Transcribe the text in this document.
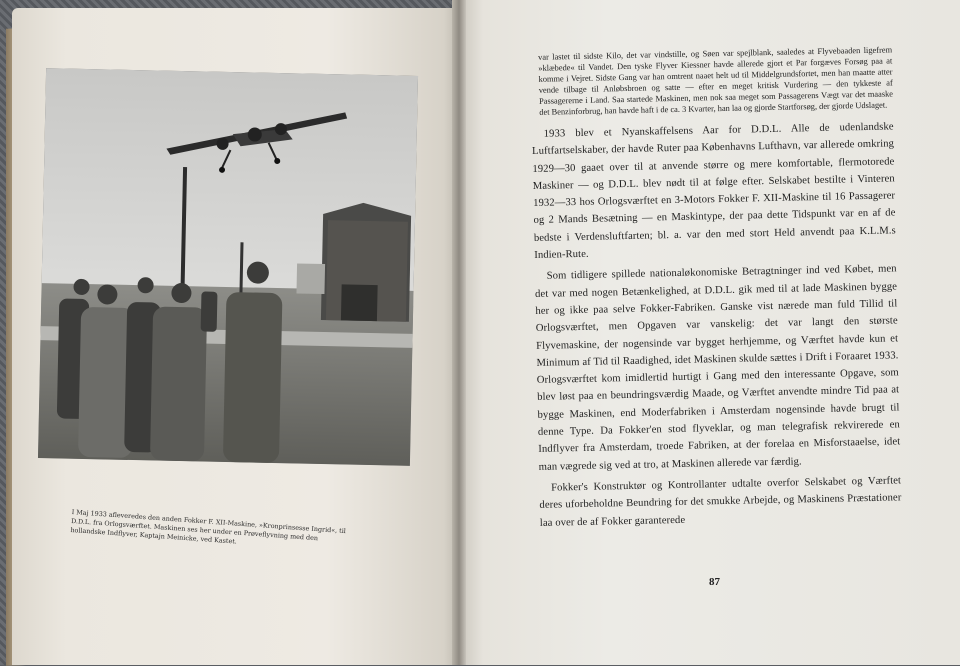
I Maj 1933 afleveredes den anden Fokker F. XII-Maskine, »Kronprinsesse Ingrid«, til D.D.L. fra Orlogsværftet. Maskinen ses her under en Prøveflyvning med den hollandske Indflyver, Kaptajn Meinicke, ved Kastet.

var lastet til sidste Kilo, det var vindstille, og Søen var spejlblank, saaledes at Flyvebaaden ligefrem »klæbede« til Vandet. Den tyske Flyver Kiessner havde allerede gjort et Par forgæves Forsøg paa at komme i Vejret. Sidste Gang var han omtrent naaet helt ud til Middelgrundsfortet, men han maatte atter vende tilbage til Anløbsbroen og satte — efter en meget kritisk Vurdering — den tykkeste af Passagererne i Land. Saa startede Maskinen, men nok saa meget som Passagerens Vægt var det maaske det Benzinforbrug, han havde haft i de ca. 3 Kvarter, han laa og gjorde Startforsøg, der gjorde Udslaget.

1933 blev et Nyanskaffelsens Aar for D.D.L. Alle de udenlandske Luftfartselskaber, der havde Ruter paa Københavns Lufthavn, var allerede omkring 1929—30 gaaet over til at anvende større og mere komfortable, flermotorede Maskiner — og D.D.L. blev nødt til at følge efter. Selskabet bestilte i Vinteren 1932—33 hos Orlogsværftet en 3-Motors Fokker F. XII-Maskine til 16 Passagerer og 2 Mands Besætning — en Maskintype, der paa dette Tidspunkt var en af de bedste i Verdensluftfarten; bl. a. var den med stort Held anvendt paa K.L.M.s Indien-Rute.

Som tidligere spillede nationaløkonomiske Betragtninger ind ved Købet, men det var med nogen Betænkelighed, at D.D.L. gik med til at lade Maskinen bygge her og ikke paa selve Fokker-Fabriken. Ganske vist nærede man fuld Tillid til Orlogsværftet, men Opgaven var vanskelig: det var langt den største Flyvemaskine, der nogensinde var bygget herhjemme, og Værftet havde kun et Minimum af Tid til Raadighed, idet Maskinen skulde sættes i Drift i Foraaret 1933. Orlogsværftet kom imidlertid hurtigt i Gang med den interessante Opgave, som blev løst paa en beundringsværdig Maade, og Værftet anvendte mindre Tid paa at bygge Maskinen, end Moderfabriken i Amsterdam nogensinde havde brugt til denne Type. Da Fokker'en stod flyveklar, og man telegrafisk rekvirerede en Indflyver fra Amsterdam, troede Fabriken, at der forelaa en Misforstaaelse, idet man vægrede sig ved at tro, at Maskinen allerede var færdig.

Fokker's Konstruktør og Kontrollanter udtalte overfor Selskabet og Værftet deres uforbeholdne Beundring for det smukke Arbejde, og Maskinens Præstationer laa over de af Fokker garanterede

87
